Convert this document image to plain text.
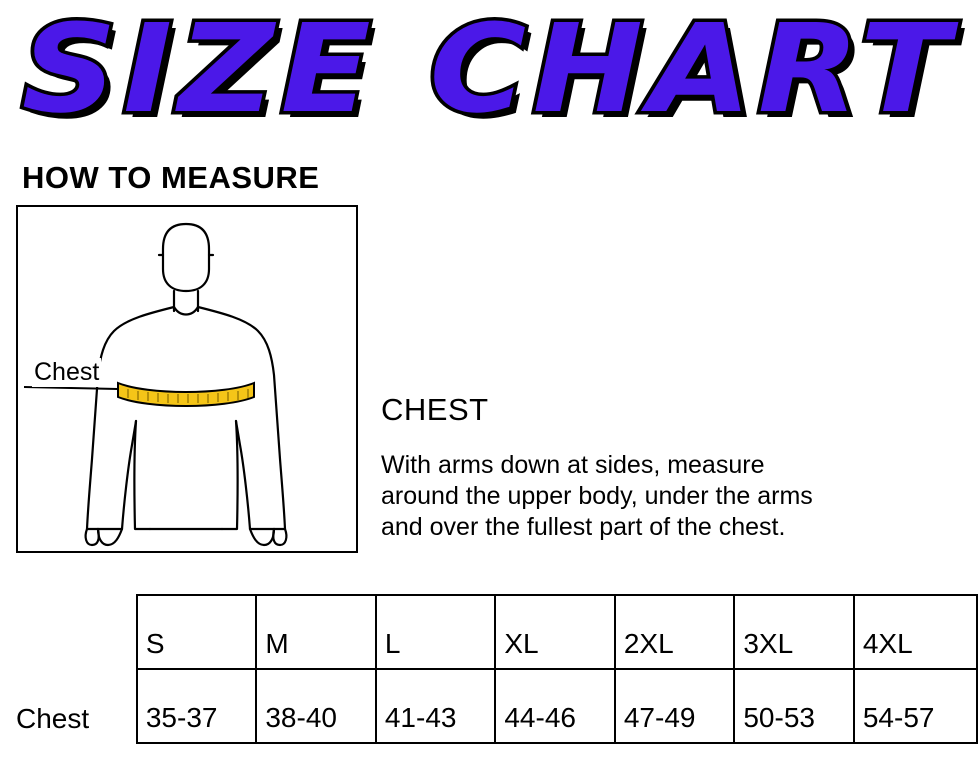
SIZE CHART
HOW TO MEASURE
Chest
CHEST
With arms down at sides, measure
around the upper body, under the arms
and over the fullest part of the chest.
	S	M	L	XL	2XL	3XL	4XL
Chest	35-37	38-40	41-43	44-46	47-49	50-53	54-57
